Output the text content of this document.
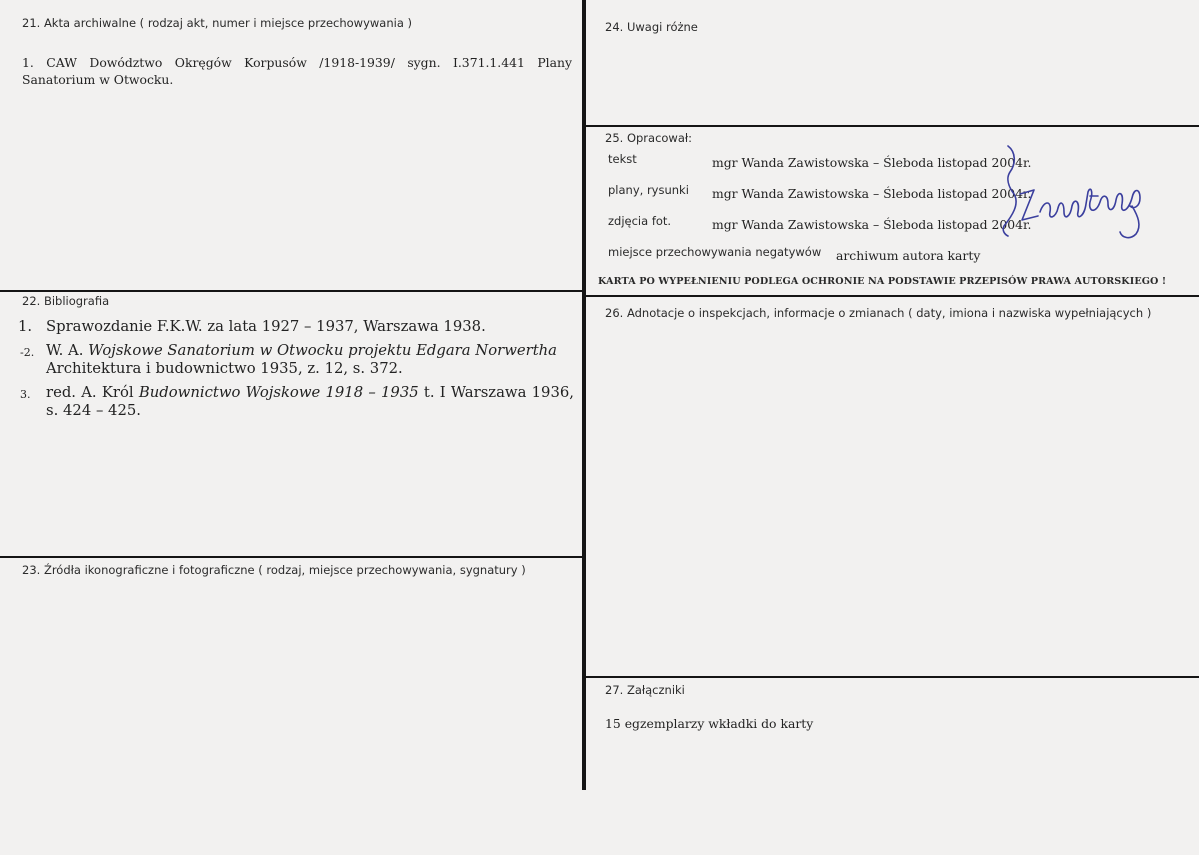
21. Akta archiwalne ( rodzaj akt, numer i miejsce przechowywania )
1. CAW Dowództwo Okręgów Korpusów /1918-1939/ sygn. I.371.1.441 Plany Sanatorium w Otwocku.
22. Bibliografia
1. Sprawozdanie F.K.W. za lata 1927 – 1937, Warszawa 1938.
-2. W. A. Wojskowe Sanatorium w Otwocku projektu Edgara Norwertha
Architektura i budownictwo 1935, z. 12, s. 372.
3. red. A. Król Budownictwo Wojskowe 1918 – 1935 t. I Warszawa 1936, s. 424 – 425.
23. Źródła ikonograficzne i fotograficzne ( rodzaj, miejsce przechowywania, sygnatury )
24. Uwagi różne
25. Opracował:
tekst	mgr Wanda Zawistowska – Śleboda listopad 2004r.
plany, rysunki mgr Wanda Zawistowska – Śleboda listopad 2004r.
zdjęcia fot.	mgr Wanda Zawistowska – Śleboda listopad 2004r.
miejsce przechowywania negatywów archiwum autora karty
KARTA PO WYPEŁNIENIU PODLEGA OCHRONIE NA PODSTAWIE PRZEPISÓW PRAWA AUTORSKIEGO !
26. Adnotacje o inspekcjach, informacje o zmianach ( daty, imiona i nazwiska wypełniających )
27. Załączniki
15 egzemplarzy wkładki do karty
